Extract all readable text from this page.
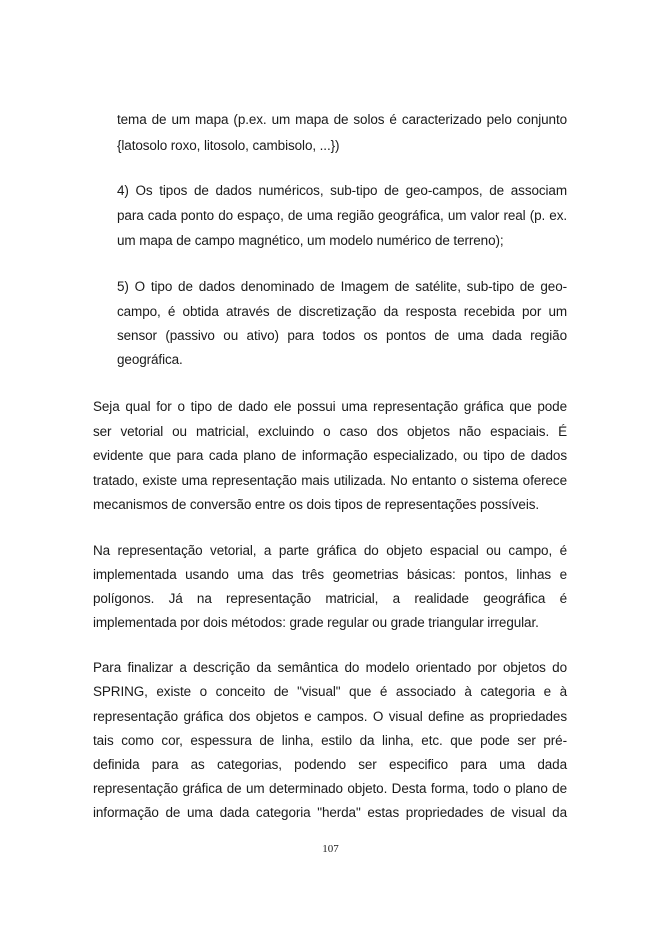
tema de um mapa (p.ex. um mapa de solos é caracterizado pelo conjunto
{latosolo roxo, litosolo, cambisolo, ...})
4) Os tipos de dados numéricos, sub-tipo de geo-campos, de associam
para cada ponto do espaço, de uma região geográfica, um valor real (p. ex.
um mapa de campo magnético, um modelo numérico de terreno);
5) O tipo de dados denominado de Imagem de satélite, sub-tipo de geo-
campo, é obtida através de discretização da resposta recebida por um
sensor (passivo ou ativo) para todos os pontos de uma dada região
geográfica.
Seja qual for o tipo de dado ele possui uma representação gráfica que pode
ser vetorial ou matricial, excluindo o caso dos objetos não espaciais. É
evidente que para cada plano de informação especializado, ou tipo de dados
tratado, existe uma representação mais utilizada. No entanto o sistema oferece
mecanismos de conversão entre os dois tipos de representações possíveis.
Na representação vetorial, a parte gráfica do objeto espacial ou campo, é
implementada usando uma das três geometrias básicas: pontos, linhas e
polígonos. Já na representação matricial, a realidade geográfica é
implementada por dois métodos: grade regular ou grade triangular irregular.
Para finalizar a descrição da semântica do modelo orientado por objetos do
SPRING, existe o conceito de "visual" que é associado à categoria e à
representação gráfica dos objetos e campos. O visual define as propriedades
tais como cor, espessura de linha, estilo da linha, etc. que pode ser pré-
definida para as categorias, podendo ser especifico para uma dada
representação gráfica de um determinado objeto. Desta forma, todo o plano de
informação de uma dada categoria "herda" estas propriedades de visual da
107
